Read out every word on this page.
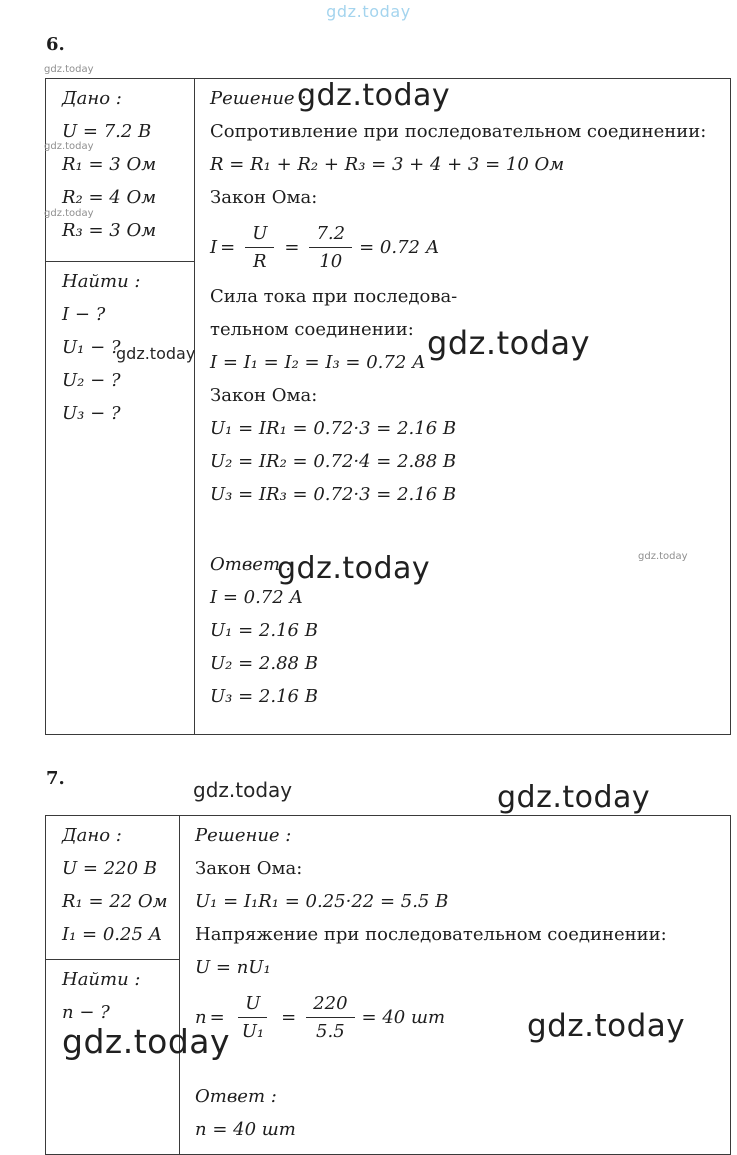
gdz.today
gdz.today
gdz.today
gdz.today
gdz.today
gdz.today	gdz.today
gdz.today	gdz.today
gdz.today	gdz.today
gdz.today	gdz.today
6.
Дано :
U = 7.2 В
R₁ = 3 Ом
R₂ = 4 Ом
R₃ = 3 Ом
Найти :
I − ?
U₁ − ?
U₂ − ?
U₃ − ?
Решение :
Сопротивление при последовательном соединении:
R = R₁ + R₂ + R₃ = 3 + 4 + 3 = 10 Ом
Закон Ома:
$I = \frac{U}{R} = \frac{7.2}{10} = 0.72$ А
Сила тока при последова-
тельном соединении:
I = I₁ = I₂ = I₃ = 0.72 А
Закон Ома:
U₁ = IR₁ = 0.72·3 = 2.16 В
U₂ = IR₂ = 0.72·4 = 2.88 В
U₃ = IR₃ = 0.72·3 = 2.16 В
Ответ :
I = 0.72 А
U₁ = 2.16 В
U₂ = 2.88 В
U₃ = 2.16 В
7.
Дано :
U = 220 В
R₁ = 22 Ом
I₁ = 0.25 А
Найти :
n − ?
Решение :
Закон Ома:
U₁ = I₁R₁ = 0.25·22 = 5.5 В
Напряжение при последовательном соединении:
U = nU₁
$n = \frac{U}{\text{U₁}} = \frac{220}{5.5} = 40$ шт
Ответ :
n = 40 шт
